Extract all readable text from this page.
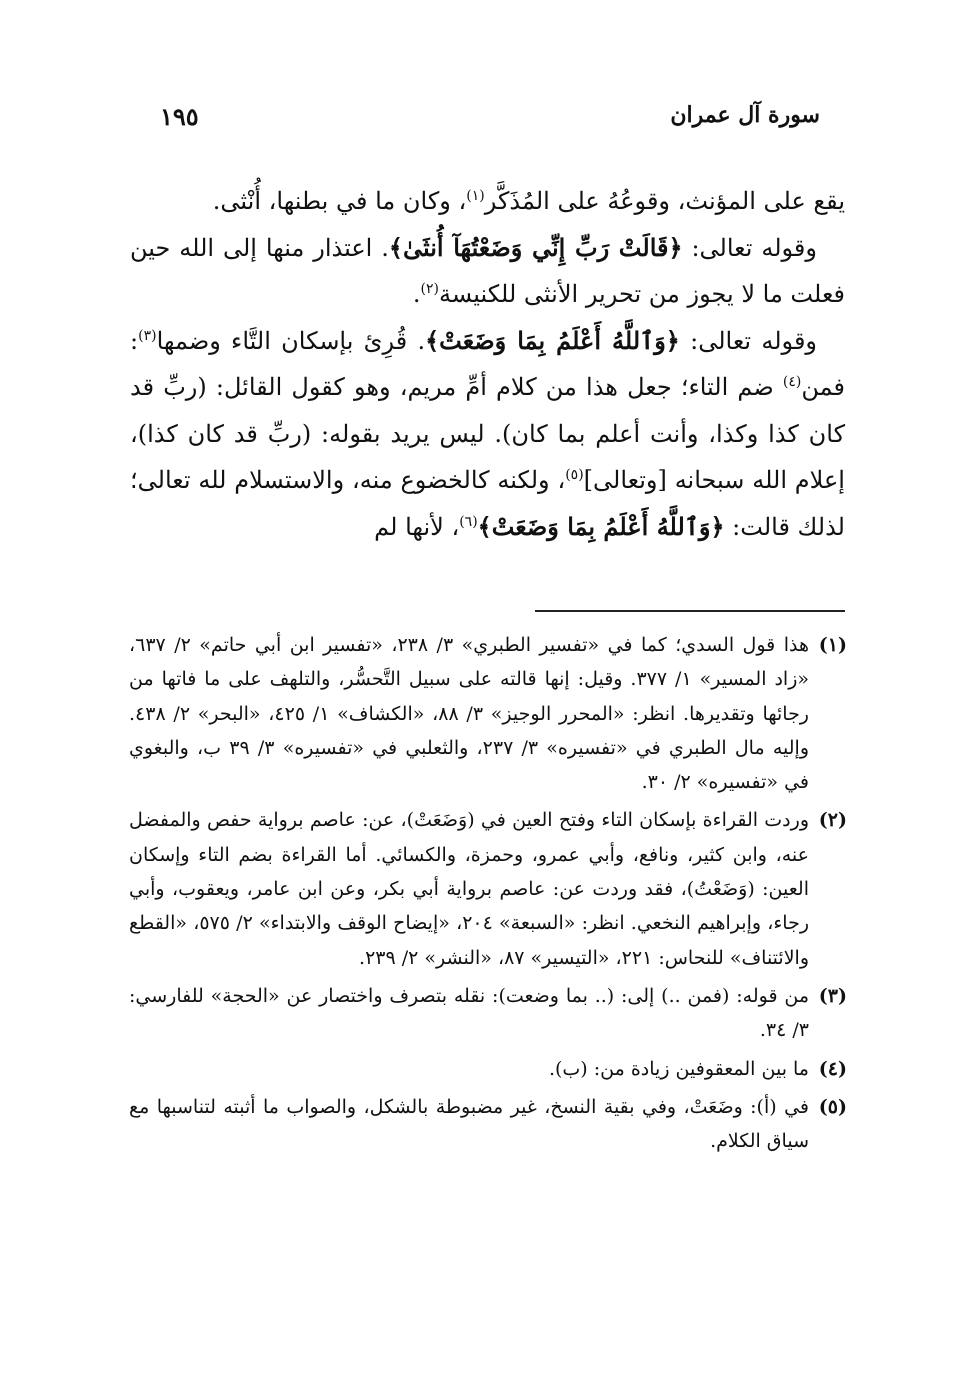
سورة آل عمران
١٩٥

يقع على المؤنث، وقوعُهُ على المُذَكَّر$^{(١)}$، وكان ما في بطنها، أُنْثى.

وقوله تعالى: ﴿قَالَتْ رَبِّ إِنِّي وَضَعْتُهَآ أُنثَىٰ﴾. اعتذار منها إلى الله حين فعلت ما لا يجوز من تحرير الأنثى للكنيسة$^{(٢)}$.

وقوله تعالى: ﴿وَٱللَّهُ أَعْلَمُ بِمَا وَضَعَتْ﴾. قُرِئ بإسكان التَّاء وضمها$^{(٣)}$: فمن$^{(٤)}$ ضم التاء؛ جعل هذا من كلام أمِّ مريم، وهو كقول القائل: (ربِّ قد كان كذا وكذا، وأنت أعلم بما كان). ليس يريد بقوله: (ربِّ قد كان كذا)، إعلام الله سبحانه [وتعالى]$^{(٥)}$، ولكنه كالخضوع منه، والاستسلام لله تعالى؛ لذلك قالت: ﴿وَٱللَّهُ أَعْلَمُ بِمَا وَضَعَتْ﴾$^{(٦)}$، لأنها لم

(١)
هذا قول السدي؛ كما في «تفسير الطبري» ٣/ ٢٣٨، «تفسير ابن أبي حاتم» ٢/ ٦٣٧، «زاد المسير» ١/ ٣٧٧. وقيل: إنها قالته على سبيل التَّحسُّر، والتلهف على ما فاتها من رجائها وتقديرها. انظر: «المحرر الوجيز» ٣/ ٨٨، «الكشاف» ١/ ٤٢٥، «البحر» ٢/ ٤٣٨. وإليه مال الطبري في «تفسيره» ٣/ ٢٣٧، والثعلبي في «تفسيره» ٣/ ٣٩ ب، والبغوي في «تفسيره» ٢/ ٣٠.
(٢)
وردت القراءة بإسكان التاء وفتح العين في (وَضَعَتْ)، عن: عاصم برواية حفص والمفضل عنه، وابن كثير، ونافع، وأبي عمرو، وحمزة، والكسائي. أما القراءة بضم التاء وإسكان العين: (وَضَعْتُ)، فقد وردت عن: عاصم برواية أبي بكر، وعن ابن عامر، ويعقوب، وأبي رجاء، وإبراهيم النخعي. انظر: «السبعة» ٢٠٤، «إيضاح الوقف والابتداء» ٢/ ٥٧٥، «القطع والائتناف» للنحاس: ٢٢١، «التيسير» ٨٧، «النشر» ٢/ ٢٣٩.
(٣)
من قوله: (فمن ..) إلى: (.. بما وضعت): نقله بتصرف واختصار عن «الحجة» للفارسي: ٣/ ٣٤.
(٤)
ما بين المعقوفين زيادة من: (ب).
(٥)
في (أ): وضَعَتْ، وفي بقية النسخ، غير مضبوطة بالشكل، والصواب ما أثبته لتناسبها مع سياق الكلام.
